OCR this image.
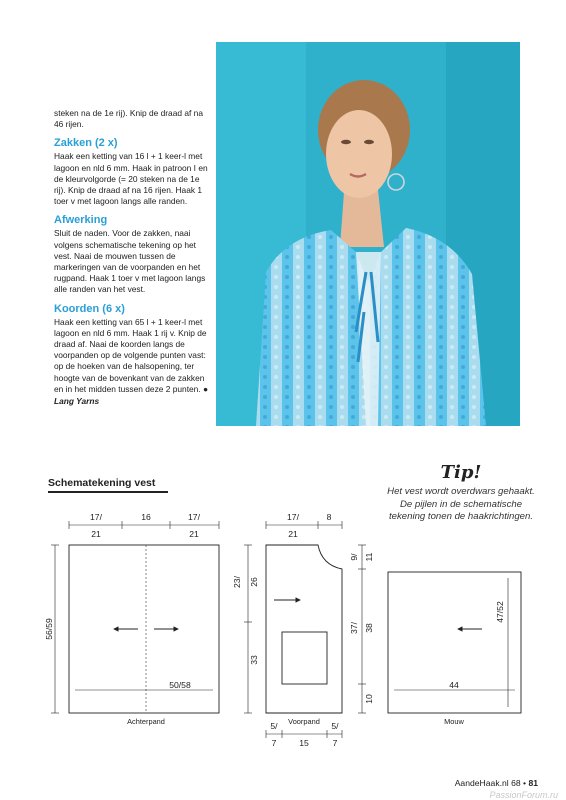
steken na de 1e rij). Knip de draad af na 46 rijen.

Zakken (2 x)

Haak een ketting van 16 l + 1 keer-l met lagoon en nld 6 mm. Haak in patroon I en de kleurvolgorde (= 20 steken na de 1e rij). Knip de draad af na 16 rijen. Haak 1 toer v met lagoon langs alle randen.

Afwerking

Sluit de naden. Voor de zakken, naai volgens schematische tekening op het vest. Naai de mouwen tussen de markeringen van de voorpanden en het rugpand. Haak 1 toer v met lagoon langs alle randen van het vest.

Koorden (6 x)

Haak een ketting van 65 l + 1 keer-l met lagoon en nld 6 mm. Haak 1 rij v. Knip de draad af. Naai de koorden langs de voorpanden op de volgende punten vast: op de hoeken van de halsopening, ter hoogte van de bovenkant van de zakken en in het midden tussen deze 2 punten. ●

Lang Yarns

Schematekening vest	Tip!
Het vest wordt overdwars gehaakt. De pijlen in de schematische tekening tonen de haakrichtingen.
17/
21
16	17/
21
56/59
50/58
Achterpand
17/
21
8
23/ 26
33
9/ 11
37/ 38
10
Voorpand
5/
7	15
5/
7
47/52
44
Mouw
AandeHaak.nl 68 • 81
PassionForum.ru
